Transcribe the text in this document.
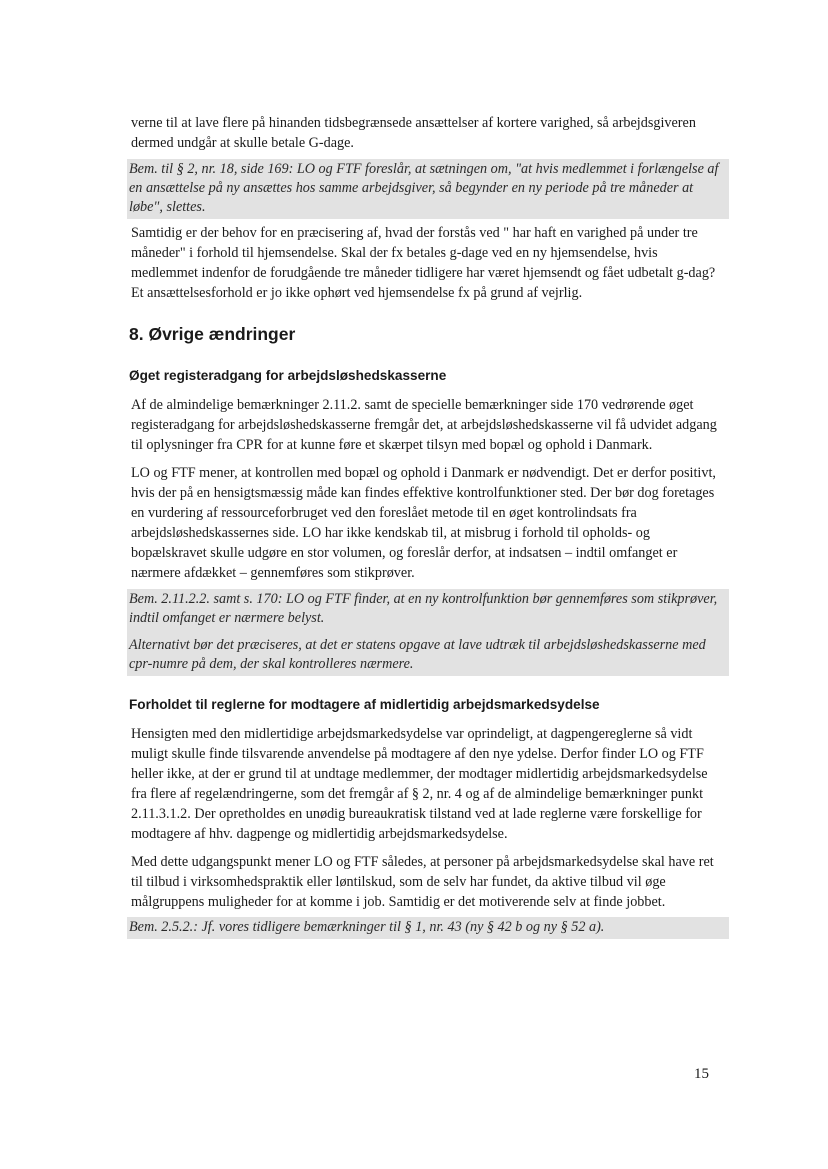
verne til at lave flere på hinanden tidsbegrænsede ansættelser af kortere varighed, så arbejdsgiveren dermed undgår at skulle betale G-dage.

Bem. til § 2, nr. 18, side 169: LO og FTF foreslår, at sætningen om, "at hvis medlemmet i forlængelse af en ansættelse på ny ansættes hos samme arbejdsgiver, så begynder en ny periode på tre måneder at løbe", slettes.

Samtidig er der behov for en præcisering af, hvad der forstås ved " har haft en varighed på under tre måneder" i forhold til hjemsendelse. Skal der fx betales g-dage ved en ny hjemsendelse, hvis medlemmet indenfor de forudgående tre måneder tidligere har været hjemsendt og fået udbetalt g-dag? Et ansættelsesforhold er jo ikke ophørt ved hjemsendelse fx på grund af vejrlig.

8. Øvrige ændringer
Øget registeradgang for arbejdsløshedskasserne

Af de almindelige bemærkninger 2.11.2. samt de specielle bemærkninger side 170 vedrørende øget registeradgang for arbejdsløshedskasserne fremgår det, at arbejdsløshedskasserne vil få udvidet adgang til oplysninger fra CPR for at kunne føre et skærpet tilsyn med bopæl og ophold i Danmark.

LO og FTF mener, at kontrollen med bopæl og ophold i Danmark er nødvendigt. Det er derfor positivt, hvis der på en hensigtsmæssig måde kan findes effektive kontrolfunktioner sted. Der bør dog foretages en vurdering af ressourceforbruget ved den foreslået metode til en øget kontrolindsats fra arbejdsløshedskassernes side. LO har ikke kendskab til, at misbrug i forhold til opholds- og bopælskravet skulle udgøre en stor volumen, og foreslår derfor, at indsatsen – indtil omfanget er nærmere afdækket – gennemføres som stikprøver.

Bem. 2.11.2.2. samt s. 170: LO og FTF finder, at en ny kontrolfunktion bør gennemføres som stikprøver, indtil omfanget er nærmere belyst.

Alternativt bør det præciseres, at det er statens opgave at lave udtræk til arbejdsløshedskasserne med cpr-numre på dem, der skal kontrolleres nærmere.

Forholdet til reglerne for modtagere af midlertidig arbejdsmarkedsydelse

Hensigten med den midlertidige arbejdsmarkedsydelse var oprindeligt, at dagpengereglerne så vidt muligt skulle finde tilsvarende anvendelse på modtagere af den nye ydelse. Derfor finder LO og FTF heller ikke, at der er grund til at undtage medlemmer, der modtager midlertidig arbejdsmarkedsydelse fra flere af regelændringerne, som det fremgår af § 2, nr. 4 og af de almindelige bemærkninger punkt 2.11.3.1.2. Der opretholdes en unødig bureaukratisk tilstand ved at lade reglerne være forskellige for modtagere af hhv. dagpenge og midlertidig arbejdsmarkedsydelse.

Med dette udgangspunkt mener LO og FTF således, at personer på arbejdsmarkedsydelse skal have ret til tilbud i virksomhedspraktik eller løntilskud, som de selv har fundet, da aktive tilbud vil øge målgruppens muligheder for at komme i job. Samtidig er det motiverende selv at finde jobbet.

Bem. 2.5.2.: Jf. vores tidligere bemærkninger til § 1, nr. 43 (ny § 42 b og ny § 52 a).

15
